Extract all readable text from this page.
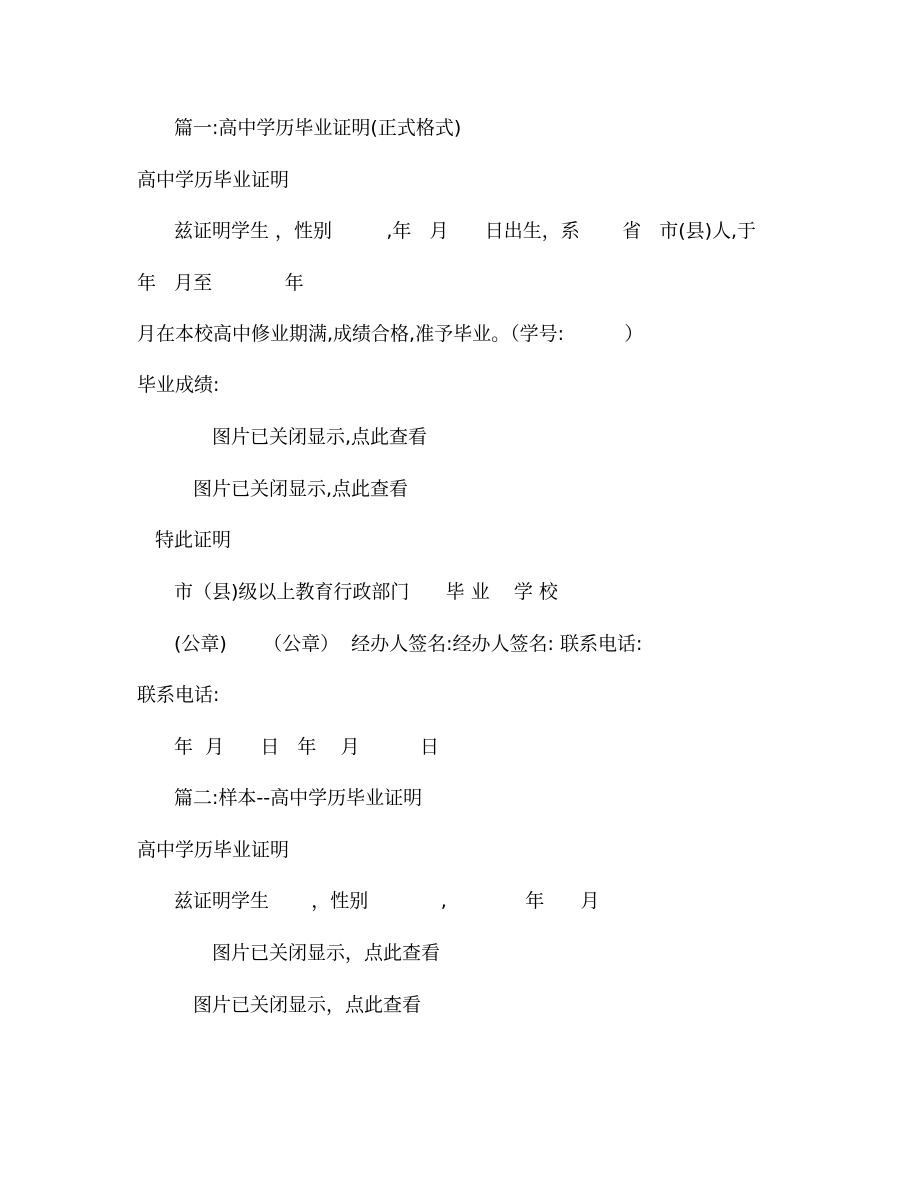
篇一:高中学历毕业证明(正式格式)

高中学历毕业证明

兹证明学生 ，性别         ,年   月      日出生，系       省   市(县)人,于

年   月至            年

月在本校高中修业期满,成绩合格,准予毕业。（学号:          ）

毕业成绩:

图片已关闭显示,点此查看

图片已关闭显示,点此查看

特此证明

市（县)级以上教育行政部门      毕 业    学 校

(公章)      （公章）  经办人签名:经办人签名: 联系电话:

联系电话:

年  月      日   年    月          日

篇二:样本--高中学历毕业证明

高中学历毕业证明

兹证明学生       ，性别            ,             年      月

图片已关闭显示，点此查看

图片已关闭显示，点此查看
